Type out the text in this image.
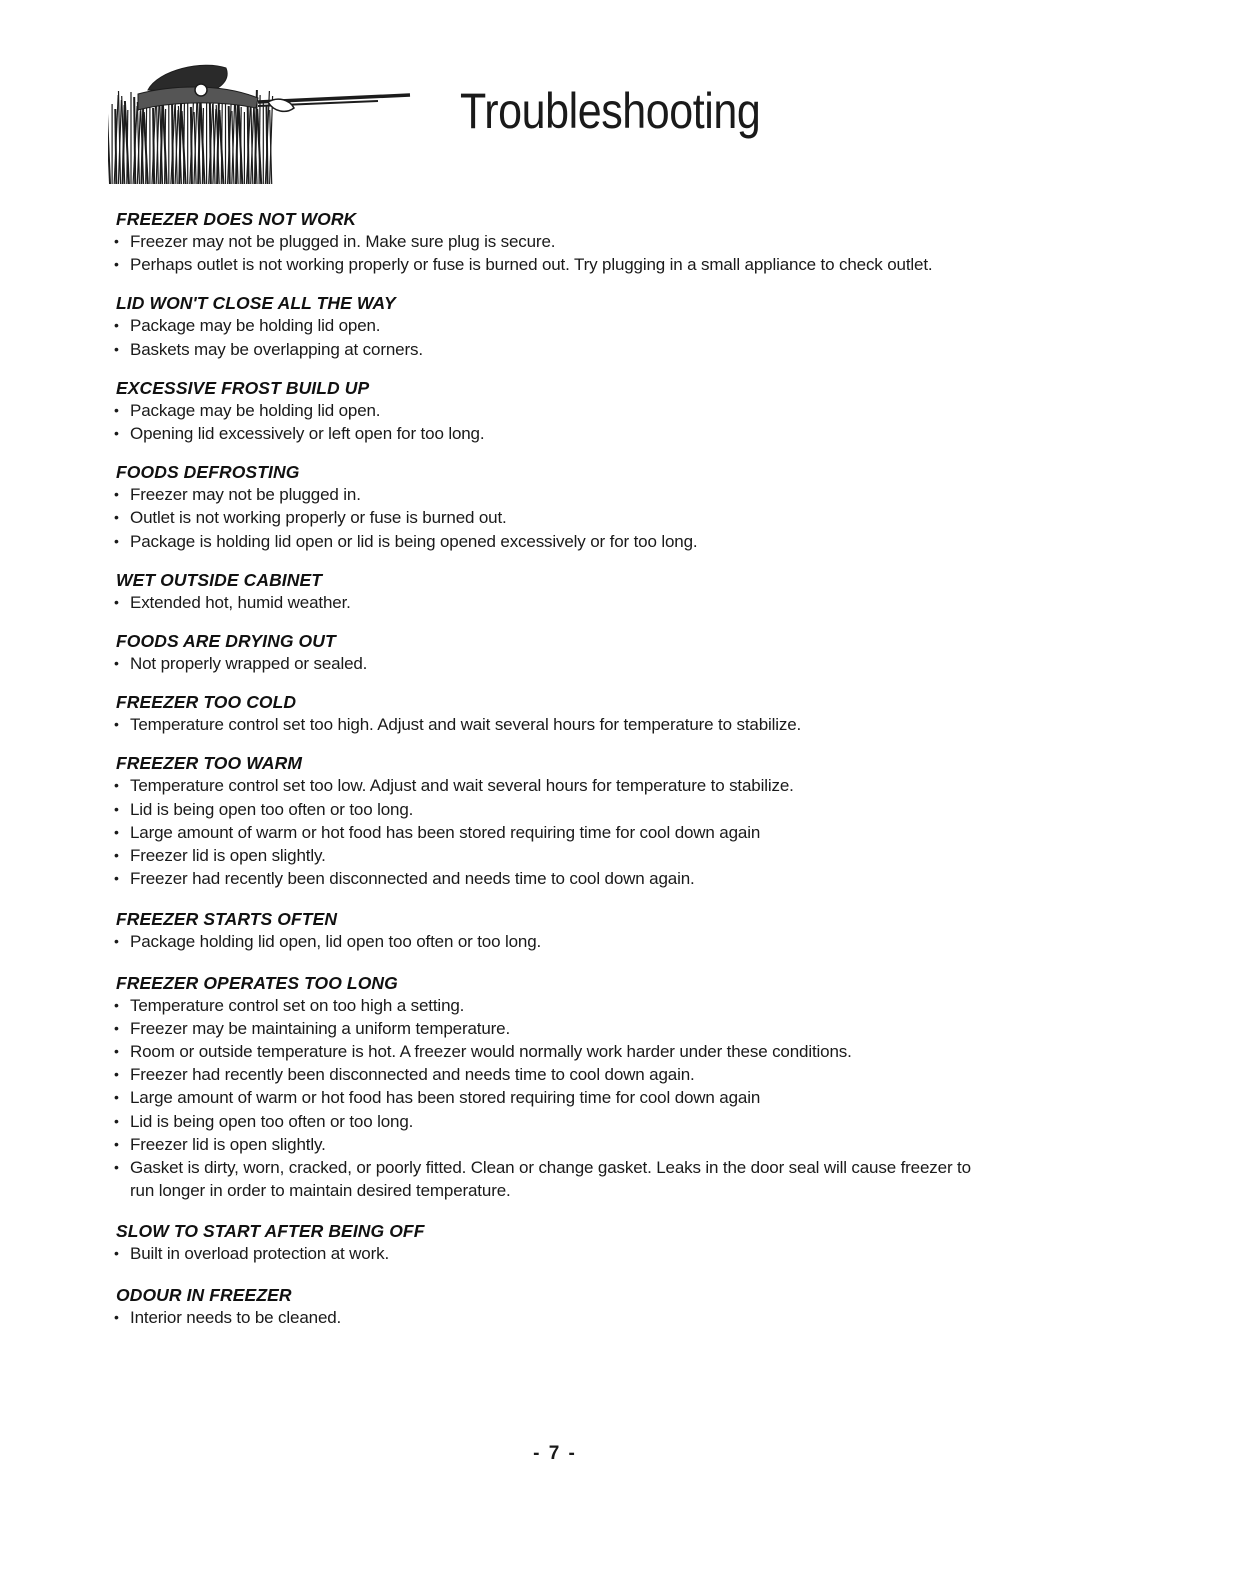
Troubleshooting
FREEZER DOES NOT WORK
• Freezer may not be plugged in. Make sure plug is secure.
• Perhaps outlet is not working properly or fuse is burned out. Try plugging in a small appliance to check outlet.
LID WON'T CLOSE ALL THE WAY
• Package may be holding lid open.
• Baskets may be overlapping at corners.
EXCESSIVE FROST BUILD UP
• Package may be holding lid open.
• Opening lid excessively or left open for too long.
FOODS DEFROSTING
• Freezer may not be plugged in.
• Outlet is not working properly or fuse is burned out.
• Package is holding lid open or lid is being opened excessively or for too long.
WET OUTSIDE CABINET
• Extended hot, humid weather.
FOODS ARE DRYING OUT
• Not properly wrapped or sealed.
FREEZER TOO COLD
• Temperature control set too high. Adjust and wait several hours for temperature to stabilize.
FREEZER TOO WARM
• Temperature control set too low. Adjust and wait several hours for temperature to stabilize.
• Lid is being open too often or too long.
• Large amount of warm or hot food has been stored requiring time for cool down again
• Freezer lid is open slightly.
• Freezer had recently been disconnected and needs time to cool down again.
FREEZER STARTS OFTEN
• Package holding lid open, lid open too often or too long.
FREEZER OPERATES TOO LONG
• Temperature control set on too high a setting.
• Freezer may be maintaining a uniform temperature.
• Room or outside temperature is hot. A freezer would normally work harder under these conditions.
• Freezer had recently been disconnected and needs time to cool down again.
• Large amount of warm or hot food has been stored requiring time for cool down again
• Lid is being open too often or too long.
• Freezer lid is open slightly.
• Gasket is dirty, worn, cracked, or poorly fitted. Clean or change gasket. Leaks in the door seal will cause freezer to run longer in order to maintain desired temperature.
SLOW TO START AFTER BEING OFF
• Built in overload protection at work.
ODOUR IN FREEZER
• Interior needs to be cleaned.
- 7 -
